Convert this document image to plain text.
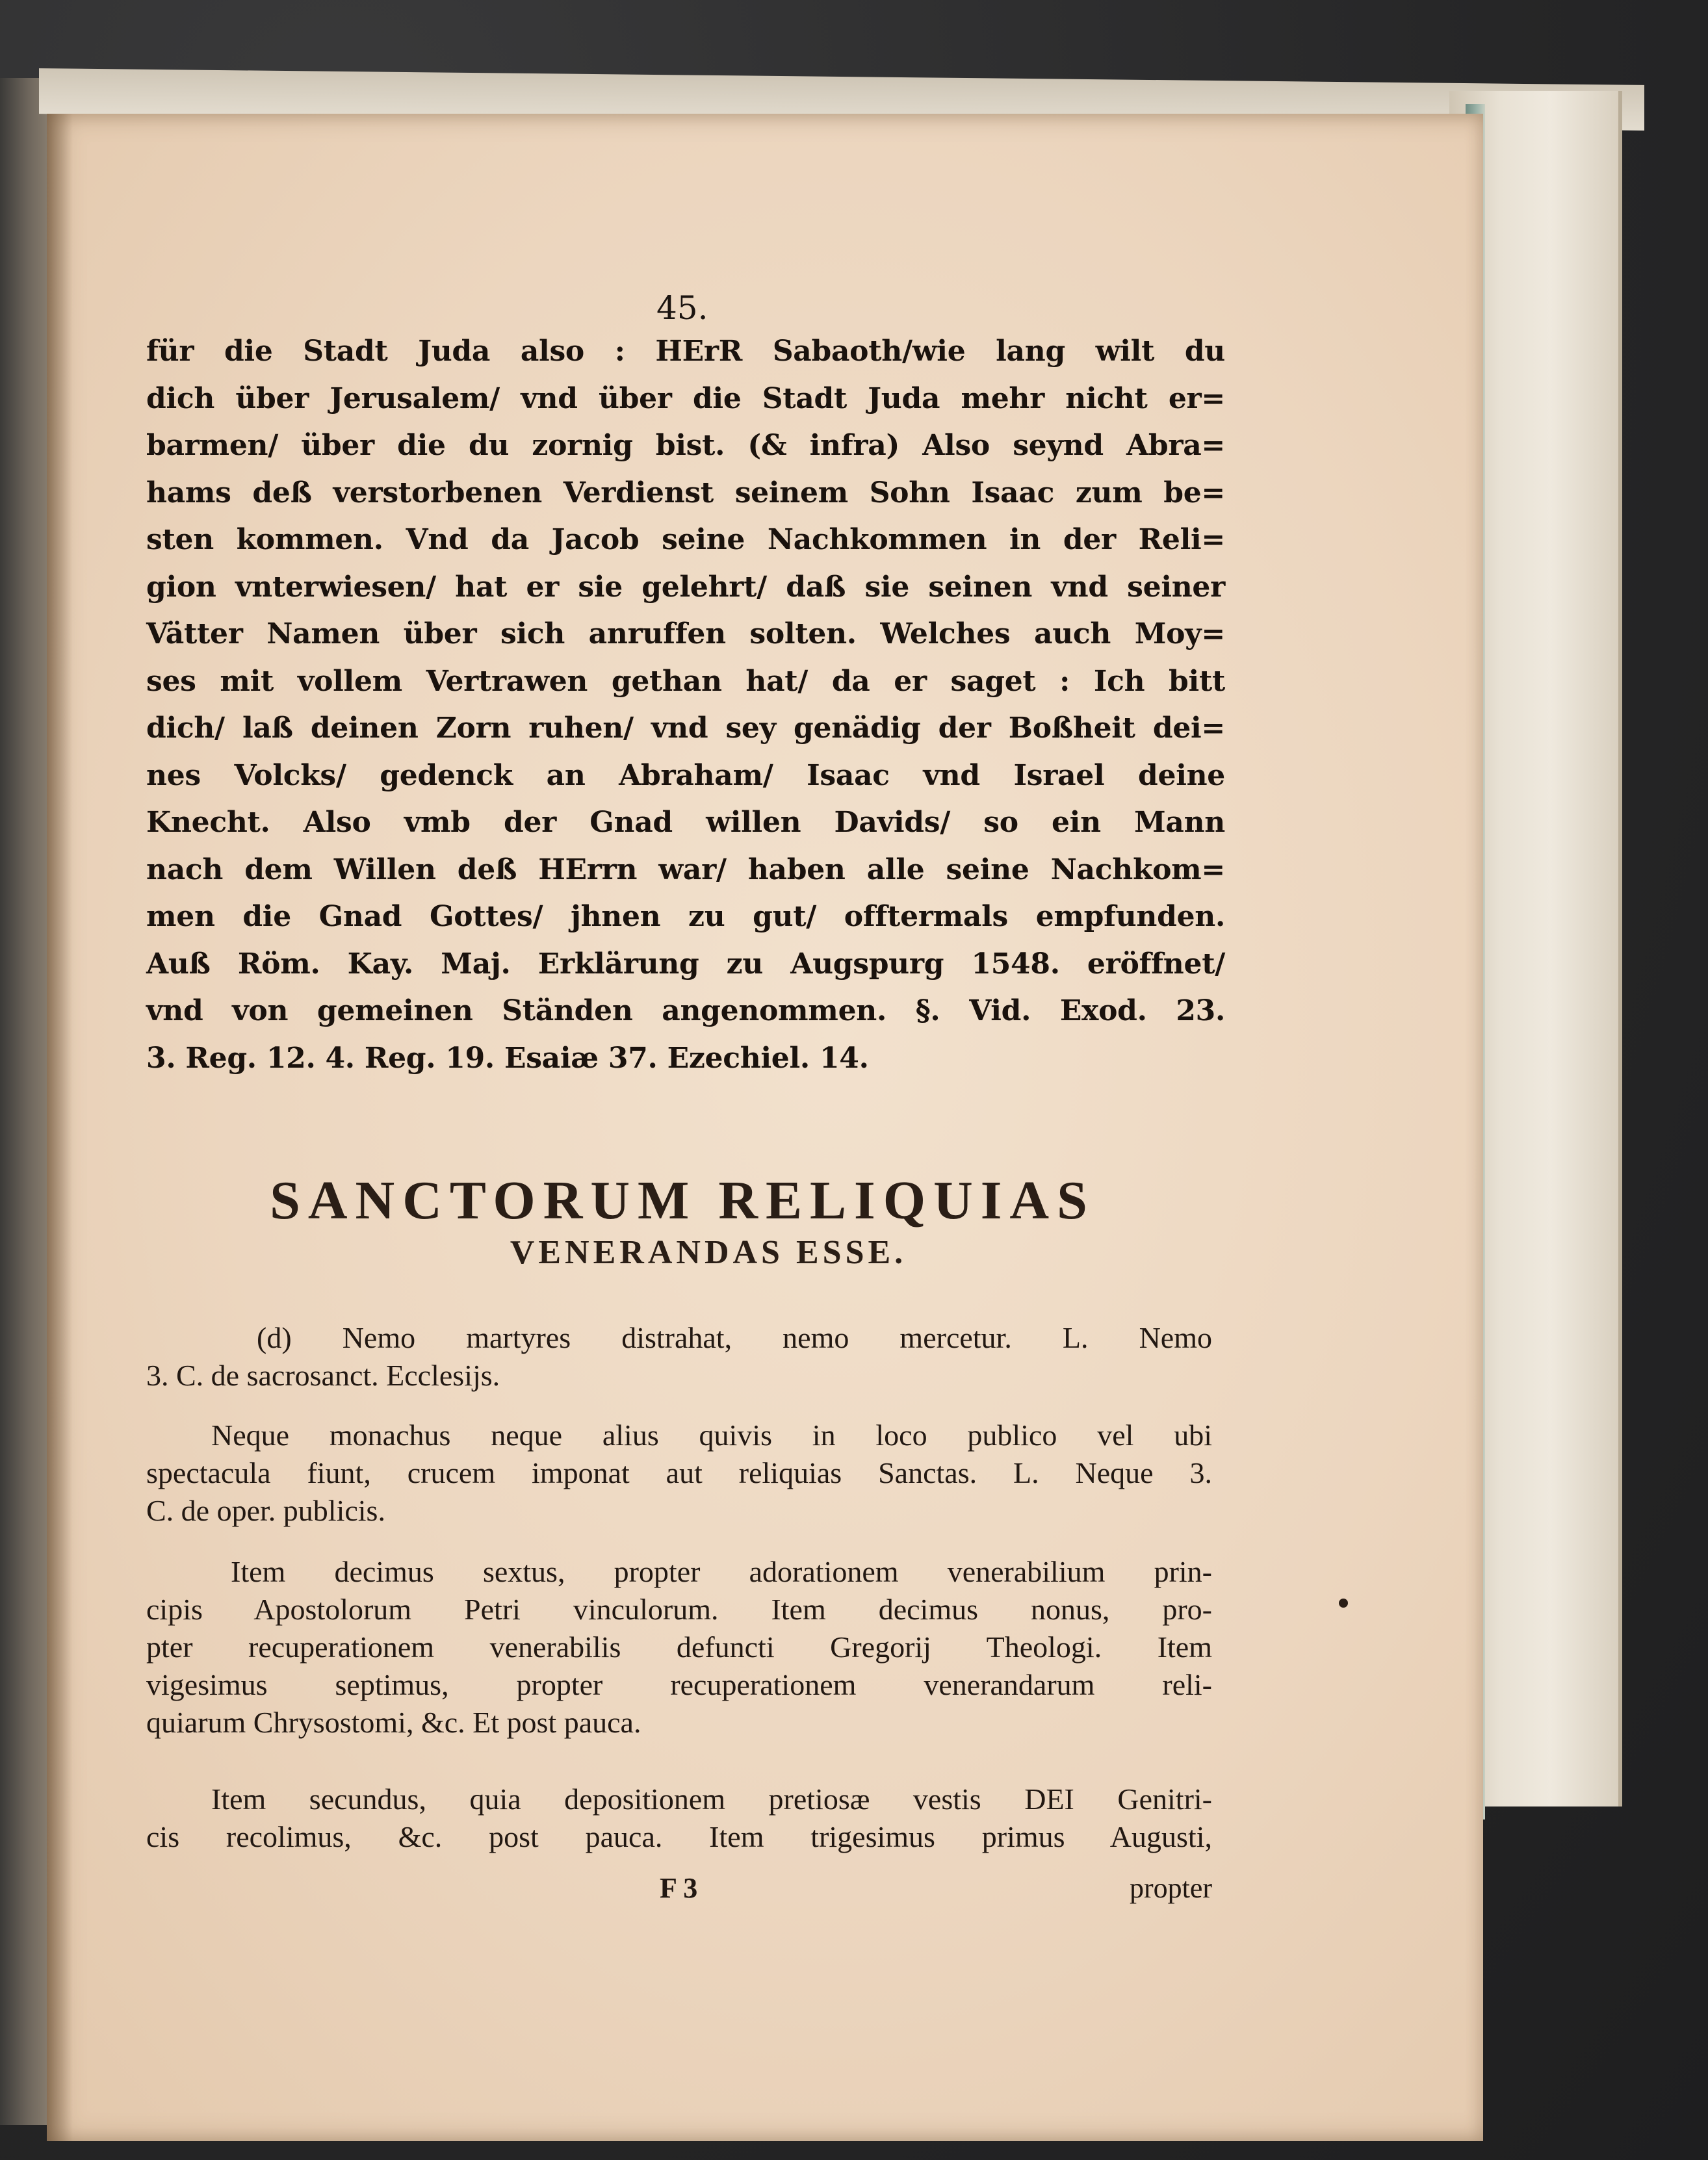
45.

für die Stadt Juda also : HErR Sabaoth/wie lang wilt du
dich über Jerusalem/ vnd über die Stadt Juda mehr nicht er=
barmen/ über die du zornig bist. (& infra) Also seynd Abra=
hams deß verstorbenen Verdienst seinem Sohn Isaac zum be=
sten kommen. Vnd da Jacob seine Nachkommen in der Reli=
gion vnterwiesen/ hat er sie gelehrt/ daß sie seinen vnd seiner
Vätter Namen über sich anruffen solten. Welches auch Moy=
ses mit vollem Vertrawen gethan hat/ da er saget : Ich bitt
dich/ laß deinen Zorn ruhen/ vnd sey genädig der Boßheit dei=
nes Volcks/ gedenck an Abraham/ Isaac vnd Israel deine
Knecht. Also vmb der Gnad willen Davids/ so ein Mann
nach dem Willen deß HErrn war/ haben alle seine Nachkom=
men die Gnad Gottes/ jhnen zu gut/ offtermals empfunden.
Auß Röm. Kay. Maj. Erklärung zu Augspurg 1548. eröffnet/
vnd von gemeinen Ständen angenommen. §. Vid. Exod. 23.
3. Reg. 12. 4. Reg. 19. Esaiæ 37. Ezechiel. 14.

SANCTORUM RELIQUIAS
VENERANDAS ESSE.

(d) Nemo martyres distrahat, nemo mercetur. L. Nemo
3. C. de sacrosanct. Ecclesijs.

Neque monachus neque alius quivis in loco publico vel ubi
spectacula fiunt, crucem imponat aut reliquias Sanctas. L. Neque 3.
C. de oper. publicis.

Item decimus sextus, propter adorationem venerabilium prin-
cipis Apostolorum Petri vinculorum. Item decimus nonus, pro-
pter recuperationem venerabilis defuncti Gregorij Theologi. Item
vigesimus septimus, propter recuperationem venerandarum reli-
quiarum Chrysostomi, &c. Et post pauca.

Item secundus, quia depositionem pretiosæ vestis DEI Genitri-
cis recolimus, &c. post pauca. Item trigesimus primus Augusti,

F 3	propter
